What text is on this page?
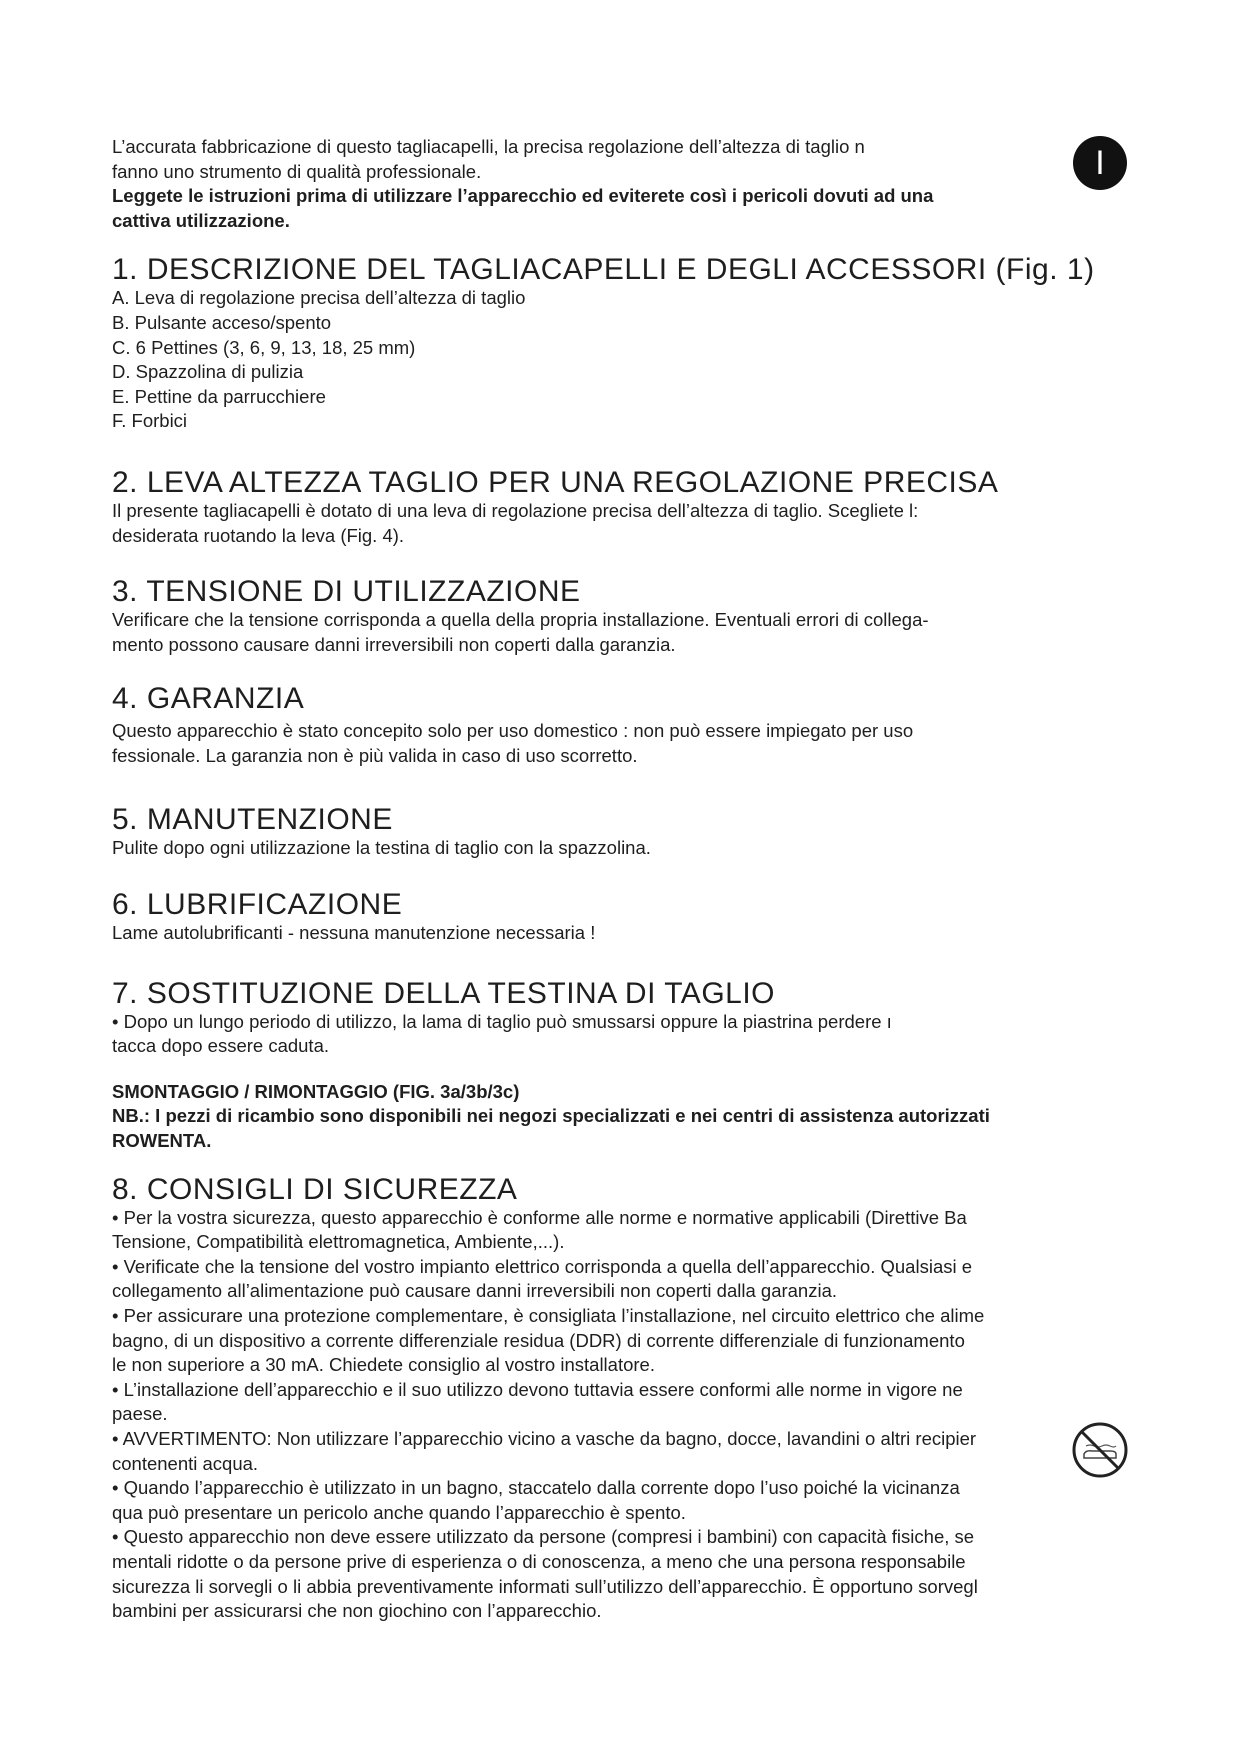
I

L’accurata fabbricazione di questo tagliacapelli, la precisa regolazione dell’altezza di taglio n

fanno uno strumento di qualità professionale.

Leggete le istruzioni prima di utilizzare l’apparecchio ed eviterete così i pericoli dovuti ad una

cattiva utilizzazione.

1. DESCRIZIONE DEL TAGLIACAPELLI E DEGLI ACCESSORI (Fig. 1)

A. Leva di regolazione precisa dell’altezza di taglio

B. Pulsante acceso/spento

C. 6 Pettines (3, 6, 9, 13, 18, 25 mm)

D. Spazzolina di pulizia

E. Pettine da parrucchiere

F. Forbici

2. LEVA ALTEZZA TAGLIO PER UNA REGOLAZIONE PRECISA

Il presente tagliacapelli è dotato di una leva di regolazione precisa dell’altezza di taglio. Scegliete l:

desiderata ruotando la leva (Fig. 4).

3. TENSIONE DI UTILIZZAZIONE

Verificare che la tensione corrisponda a quella della propria installazione. Eventuali errori di collega-

mento possono causare danni irreversibili non coperti dalla garanzia.

4. GARANZIA

Questo apparecchio è stato concepito solo per uso domestico : non può essere impiegato per uso

fessionale. La garanzia non è più valida in caso di uso scorretto.

5. MANUTENZIONE

Pulite dopo ogni utilizzazione la testina di taglio con la spazzolina.

6. LUBRIFICAZIONE

Lame autolubrificanti - nessuna manutenzione necessaria !

7. SOSTITUZIONE DELLA TESTINA DI TAGLIO

• Dopo un lungo periodo di utilizzo, la lama di taglio può smussarsi oppure la piastrina perdere ı

tacca dopo essere caduta.

SMONTAGGIO / RIMONTAGGIO (FIG. 3a/3b/3c)

NB.: I pezzi di ricambio sono disponibili nei negozi specializzati e nei centri di assistenza autorizzati

ROWENTA.

8. CONSIGLI DI SICUREZZA

• Per la vostra sicurezza, questo apparecchio è conforme alle norme e normative applicabili (Direttive Ba

Tensione, Compatibilità elettromagnetica, Ambiente,...).

• Verificate che la tensione del vostro impianto elettrico corrisponda a quella dell’apparecchio. Qualsiasi e

collegamento all’alimentazione può causare danni irreversibili non coperti dalla garanzia.

• Per assicurare una protezione complementare, è consigliata l’installazione, nel circuito elettrico che alime

bagno, di un dispositivo a corrente differenziale residua (DDR) di corrente differenziale di funzionamento

le non superiore a 30 mA. Chiedete consiglio al vostro installatore.

• L’installazione dell’apparecchio e il suo utilizzo devono tuttavia essere conformi alle norme in vigore ne

paese.

• AVVERTIMENTO: Non utilizzare l’apparecchio vicino a vasche da bagno, docce, lavandini o altri recipier

contenenti acqua.

• Quando l’apparecchio è utilizzato in un bagno, staccatelo dalla corrente dopo l’uso poiché la vicinanza

qua può presentare un pericolo anche quando l’apparecchio è spento.

• Questo apparecchio non deve essere utilizzato da persone (compresi i bambini) con capacità fisiche, se

mentali ridotte o da persone prive di esperienza o di conoscenza, a meno che una persona responsabile

sicurezza li sorvegli o li abbia preventivamente informati sull’utilizzo dell’apparecchio. È opportuno sorvegl

bambini per assicurarsi che non giochino con l’apparecchio.
